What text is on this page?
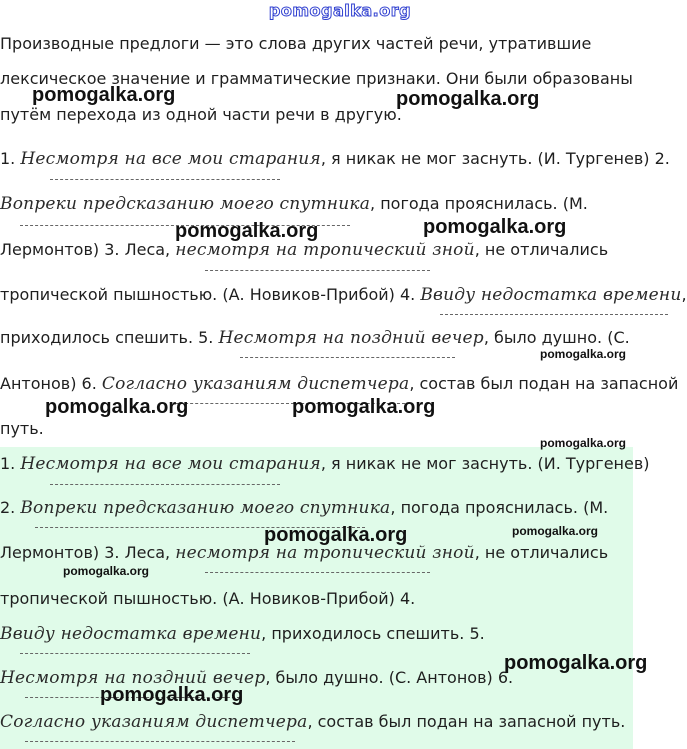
pomogalka.org
Производные предлоги — это слова других частей речи, утратившие
лексическое значение и грамматические признаки. Они были образованы
путём перехода из одной части речи в другую.
1. Несмотря на все мои старания, я никак не мог заснуть. (И. Тургенев) 2.
Вопреки предсказанию моего спутника, погода прояснилась. (М.
Лермонтов) 3. Леса, несмотря на тропический зной, не отличались
тропической пышностью. (А. Новиков-Прибой) 4. Ввиду недостатка времени,
приходилось спешить. 5. Несмотря на поздний вечер, было душно. (С.
Антонов) 6. Согласно указаниям диспетчера, состав был подан на запасной
путь.
1. Несмотря на все мои старания, я никак не мог заснуть. (И. Тургенев)
2. Вопреки предсказанию моего спутника, погода прояснилась. (М.
Лермонтов) 3. Леса, несмотря на тропический зной, не отличались
тропической пышностью. (А. Новиков-Прибой) 4.
Ввиду недостатка времени, приходилось спешить. 5.
Несмотря на поздний вечер, было душно. (С. Антонов) 6.
Согласно указаниям диспетчера, состав был подан на запасной путь.
pomogalka.org	pomogalka.org
pomogalka.org	pomogalka.org
pomogalka.org
pomogalka.org	pomogalka.org
pomogalka.org
pomogalka.org
pomogalka.org
pomogalka.org
pomogalka.org
pomogalka.org
